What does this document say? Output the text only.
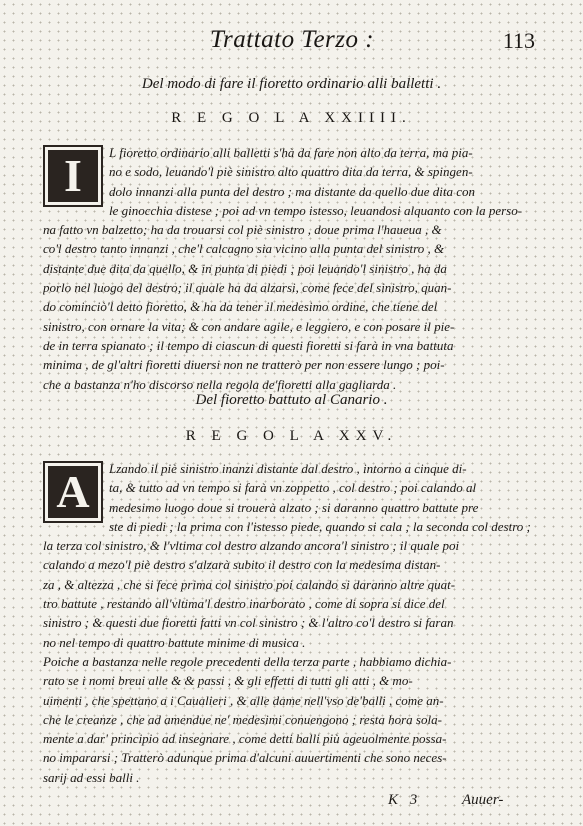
Trattato Terzo :	113
Del modo di fare il fioretto ordinario alli balletti .
R E G O L A XXIIII.
I	L fioretto ordinario alli balletti s'hà da fare non alto da terra, ma pia-
no e sodo, leuando'l piè sinistro alto quattro dita da terra, & spingen-
dolo innanzi alla punta del destro ; ma distante da quello due dita con
le ginocchia distese ; poi ad vn tempo istesso, leuandosi alquanto con la perso-
na fatto vn balzetto; ha da trouarsi col piè sinistro , doue prima l'haueua , &
co'l destro tanto innanzi , che'l calcagno sia vicino alla punta del sinistro , &
distante due dita da quello, & in punta di piedi ; poi leuando'l sinistro , ha da
porlo nel luogo del destro; il quale ha da alzarsi, come fece del sinistro, quan-
do cominciò'l detto fioretto, & ha da tener il medesimo ordine, che tiene del
sinistro, con ornare la vita; & con andare agile, e leggiero, e con posare il pie-
de in terra spianato ; il tempo di ciascun di questi fioretti si farà in vna battuta
minima , de gl'altri fioretti diuersi non ne tratterò per non essere lungo ; poi-
che a bastanza n'ho discorso nella regola de'fioretti alla gagliarda .
Del fioretto battuto al Canario .
R E G O L A XXV.
A	Lzando il piè sinistro inanzi distante dal destro , intorno a cinque di-
ta, & tutto ad vn tempo si farà vn zoppetto , col destro ; poi calando al
medesimo luogo doue si trouerà alzato ; si daranno quattro battute pre
ste di piedi ; la prima con l'istesso piede, quando si cala ; la seconda col destro ;
la terza col sinistro, & l'vltima col destro alzando ancora'l sinistro ; il quale poi
calando a mezo'l piè destro s'alzarà subito il destro con la medesima distan-
za , & altezza , che si fece prima col sinistro poi calando si daranno altre quat-
tro battute , restando all'vltima'l destro inarborato , come di sopra si dice del
sinistro ; & questi due fioretti fatti vn col sinistro ; & l'altro co'l destro si faran
no nel tempo di quattro battute minime di musica .
Poiche a bastanza nelle regole precedenti della terza parte , habbiamo dichia-
rato se i nomi breui alle & & passi , & gli effetti di tutti gli atti , & mo-
uimenti , che spettano a i Caualieri , & alle dame nell'vso de'balli , come an-
che le creanze , che ad amendue ne' medesimi conuengono ; resta hora sola-
mente a dar' principio ad insegnare , come detti balli più ageuolmente possa-
no impararsi ; Tratterò adunque prima d'alcuni auuertimenti che sono neces-
sarij ad essi balli .
K 3	Auuer-
